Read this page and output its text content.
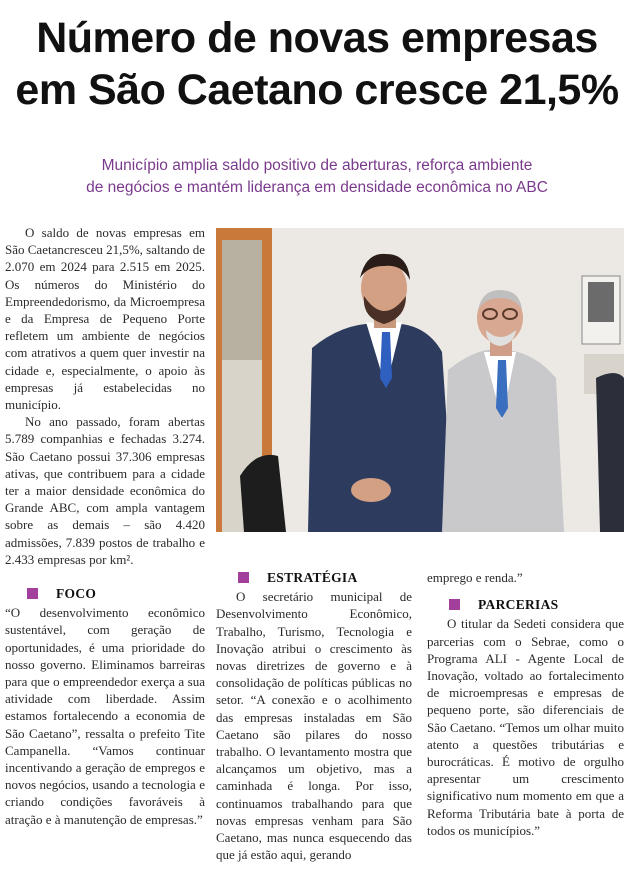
Número de novas empresas
em São Caetano cresce 21,5%
Município amplia saldo positivo de aberturas, reforça ambiente
de negócios e mantém liderança em densidade econômica no ABC

O saldo de novas empresas em São Caetancresceu 21,5%, saltando de 2.070 em 2024 para 2.515 em 2025. Os números do Ministério do Empreendedorismo, da Microempresa e da Empresa de Pequeno Porte refletem um ambiente de negócios com atrativos a quem quer investir na cidade e, especialmente, o apoio às empresas já estabelecidas no município.

No ano passado, foram abertas 5.789 companhias e fechadas 3.274. São Caetano possui 37.306 empresas ativas, que contribuem para a cidade ter a maior densidade econômica do Grande ABC, com ampla vantagem sobre as demais – são 4.420 admissões, 7.839 postos de trabalho e 2.433 empresas por km².

FOCO

“O desenvolvimento econômico sustentável, com geração de oportunidades, é uma prioridade do nosso governo. Eliminamos barreiras para que o empreendedor exerça a sua atividade com liberdade. Assim estamos fortalecendo a economia de São Caetano”, ressalta o prefeito Tite Campanella. “Vamos continuar incentivando a geração de empregos e novos negócios, usando a tecnologia e criando condições favoráveis à atração e à manutenção de empresas.”

ESTRATÉGIA

O secretário municipal de Desenvolvimento Econômico, Trabalho, Turismo, Tecnologia e Inovação atribui o crescimento às novas diretrizes de governo e à consolidação de políticas públicas no setor. “A conexão e o acolhimento das empresas instaladas em São Caetano são pilares do nosso trabalho. O levantamento mostra que alcançamos um objetivo, mas a caminhada é longa. Por isso, continuamos trabalhando para que novas empresas venham para São Caetano, mas nunca esquecendo das que já estão aqui, gerando

emprego e renda.”

PARCERIAS

O titular da Sedeti considera que parcerias com o Sebrae, como o Programa ALI - Agente Local de Inovação, voltado ao fortalecimento de microempresas e empresas de pequeno porte, são diferenciais de São Caetano. “Temos um olhar muito atento a questões tributárias e burocráticas. É motivo de orgulho apresentar um crescimento significativo num momento em que a Reforma Tributária bate à porta de todos os municípios.”
